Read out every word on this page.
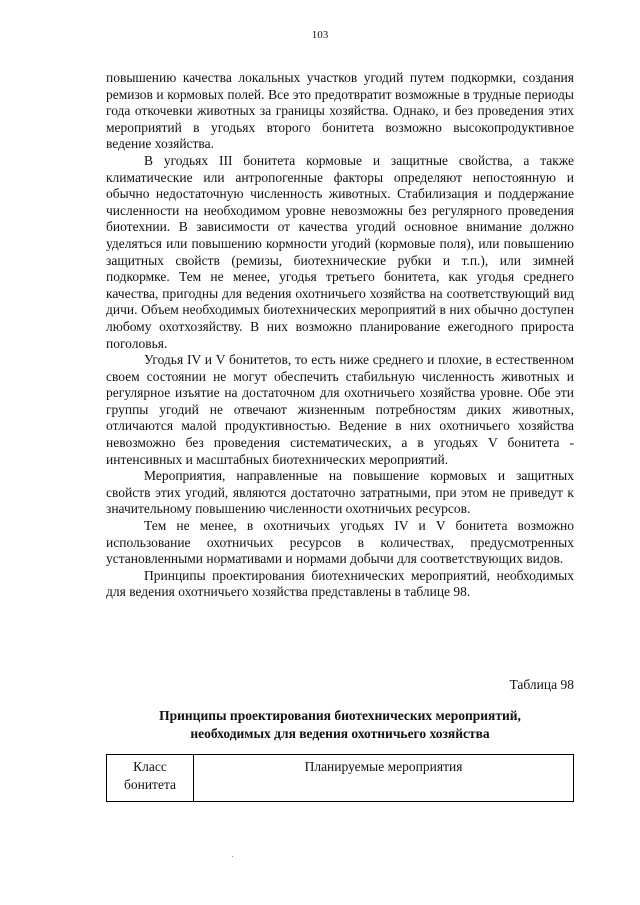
103

повышению качества локальных участков угодий путем подкормки, создания ремизов и кормовых полей. Все это предотвратит возможные в трудные периоды года откочевки животных за границы хозяйства. Однако, и без проведения этих мероприятий в угодьях второго бонитета возможно высокопродуктивное ведение хозяйства.

В угодьях III бонитета кормовые и защитные свойства, а также климатические или антропогенные факторы определяют непостоянную и обычно недостаточную численность животных. Стабилизация и поддержание численности на необходимом уровне невозможны без регулярного проведения биотехнии. В зависимости от качества угодий основное внимание должно уделяться или повышению кормности угодий (кормовые поля), или повышению защитных свойств (ремизы, биотехнические рубки и т.п.), или зимней подкормке. Тем не менее, угодья третьего бонитета, как угодья среднего качества, пригодны для ведения охотничьего хозяйства на соответствующий вид дичи. Объем необходимых биотехнических мероприятий в них обычно доступен любому охотхозяйству. В них возможно планирование ежегодного прироста поголовья.

Угодья IV и V бонитетов, то есть ниже среднего и плохие, в естественном своем состоянии не могут обеспечить стабильную численность животных и регулярное изъятие на достаточном для охотничьего хозяйства уровне. Обе эти группы угодий не отвечают жизненным потребностям диких животных, отличаются малой продуктивностью. Ведение в них охотничьего хозяйства невозможно без проведения систематических, а в угодьях V бонитета - интенсивных и масштабных биотехнических мероприятий.

Мероприятия, направленные на повышение кормовых и защитных свойств этих угодий, являются достаточно затратными, при этом не приведут к значительному повышению численности охотничьих ресурсов.

Тем не менее, в охотничьих угодьях IV и V бонитета возможно использование охотничьих ресурсов в количествах, предусмотренных установленными нормативами и нормами добычи для соответствующих видов.

Принципы проектирования биотехнических мероприятий, необходимых для ведения охотничьего хозяйства представлены в таблице 98.

Таблица 98
Принципы проектирования биотехнических мероприятий,
необходимых для ведения охотничьего хозяйства
Класс бонитета	Планируемые мероприятия
